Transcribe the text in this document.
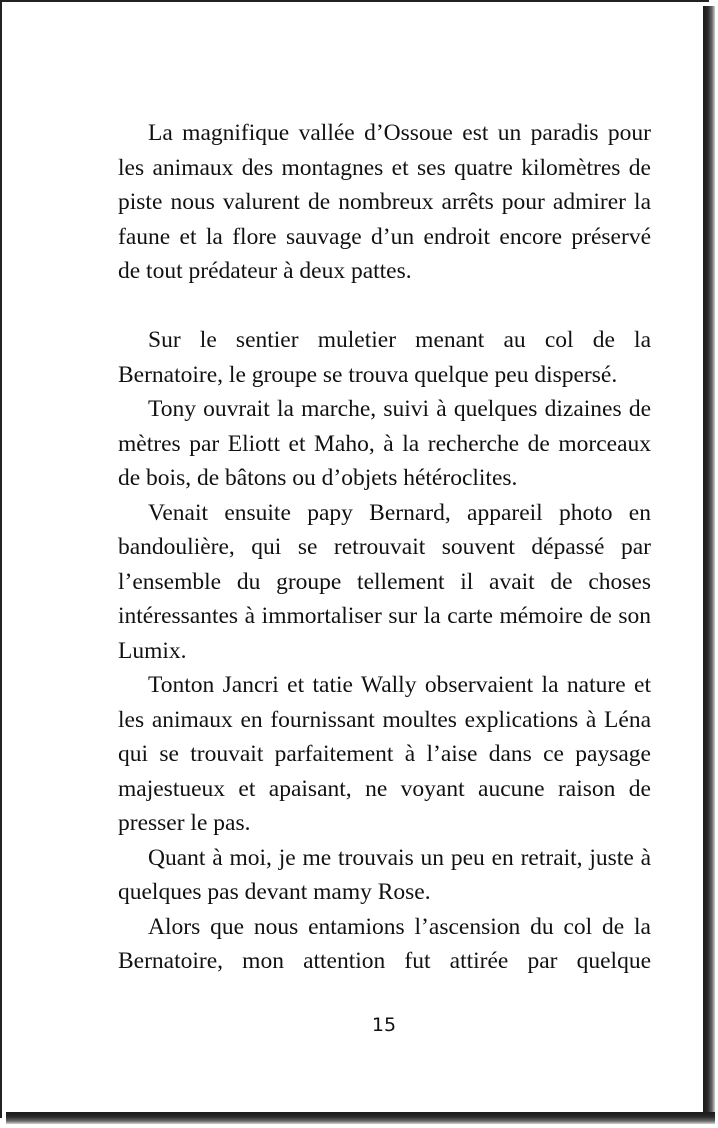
La magnifique vallée d’Ossoue est un paradis pour les animaux des montagnes et ses quatre kilomètres de piste nous valurent de nombreux arrêts pour admirer la faune et la flore sauvage d’un endroit encore préservé de tout prédateur à deux pattes.

Sur le sentier muletier menant au col de la Bernatoire, le groupe se trouva quelque peu dispersé.

Tony ouvrait la marche, suivi à quelques dizaines de mètres par Eliott et Maho, à la recherche de morceaux de bois, de bâtons ou d’objets hétéroclites.

Venait ensuite papy Bernard, appareil photo en bandoulière, qui se retrouvait souvent dépassé par l’ensemble du groupe tellement il avait de choses intéressantes à immortaliser sur la carte mémoire de son Lumix.

Tonton Jancri et tatie Wally observaient la nature et les animaux en fournissant moultes explications à Léna qui se trouvait parfaitement à l’aise dans ce paysage majestueux et apaisant, ne voyant aucune raison de presser le pas.

Quant à moi, je me trouvais un peu en retrait, juste à quelques pas devant mamy Rose.

Alors que nous entamions l’ascension du col de la Bernatoire, mon attention fut attirée par quelque

15
